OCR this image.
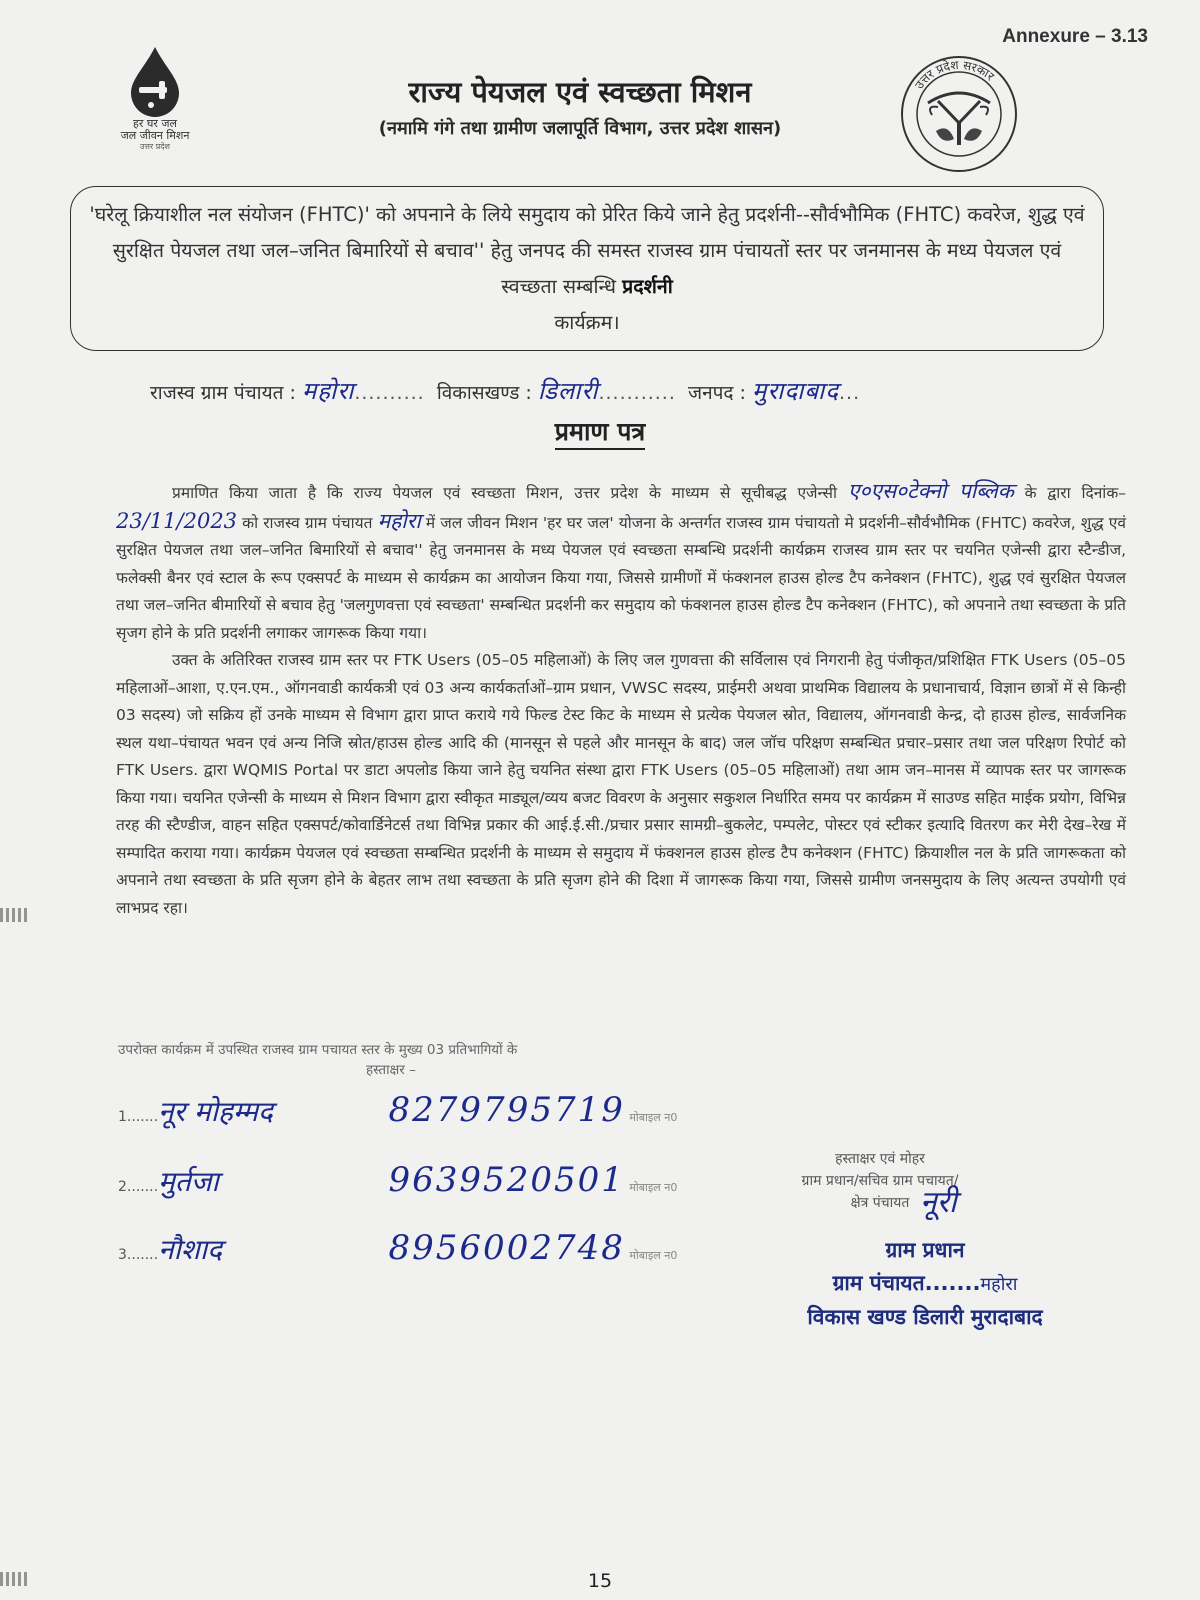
Annexure – 3.13
हर घर जल
जल जीवन मिशन
उत्तर प्रदेश
उत्तर प्रदेश सरकार
राज्य पेयजल एवं स्वच्छता मिशन
(नमामि गंगे तथा ग्रामीण जलापूर्ति विभाग, उत्तर प्रदेश शासन)
'घरेलू क्रियाशील नल संयोजन (FHTC)' को अपनाने के लिये समुदाय को प्रेरित किये जाने हेतु प्रदर्शनी--सौर्वभौमिक (FHTC) कवरेज, शुद्ध एवं सुरक्षित पेयजल तथा जल–जनित बिमारियों से बचाव'' हेतु जनपद की समस्त राजस्व ग्राम पंचायतों स्तर पर जनमानस के मध्य पेयजल एवं स्वच्छता सम्बन्धि प्रदर्शनी
कार्यक्रम।
राजस्व ग्राम पंचायत : महोरा.......... विकासखण्ड : डिलारी........... जनपद : मुरादाबाद...
प्रमाण पत्र

प्रमाणित किया जाता है कि राज्य पेयजल एवं स्वच्छता मिशन, उत्तर प्रदेश के माध्यम से सूचीबद्ध एजेन्सी ए०एस०टेक्नो पब्लिक के द्वारा दिनांक– 23/11/2023 को राजस्व ग्राम पंचायत महोरा में जल जीवन मिशन 'हर घर जल' योजना के अन्तर्गत राजस्व ग्राम पंचायतो मे प्रदर्शनी–सौर्वभौमिक (FHTC) कवरेज, शुद्ध एवं सुरक्षित पेयजल तथा जल–जनित बिमारियों से बचाव'' हेतु जनमानस के मध्य पेयजल एवं स्वच्छता सम्बन्धि प्रदर्शनी कार्यक्रम राजस्व ग्राम स्तर पर चयनित एजेन्सी द्वारा स्टैन्डीज, फलेक्सी बैनर एवं स्टाल के रूप एक्सपर्ट के माध्यम से कार्यक्रम का आयोजन किया गया, जिससे ग्रामीणों में फंक्शनल हाउस होल्ड टैप कनेक्शन (FHTC), शुद्ध एवं सुरक्षित पेयजल तथा जल–जनित बीमारियों से बचाव हेतु 'जलगुणवत्ता एवं स्वच्छता' सम्बन्धित प्रदर्शनी कर समुदाय को फंक्शनल हाउस होल्ड टैप कनेक्शन (FHTC), को अपनाने तथा स्वच्छता के प्रति सृजग होने के प्रति प्रदर्शनी लगाकर जागरूक किया गया।

उक्त के अतिरिक्त राजस्व ग्राम स्तर पर FTK Users (05–05 महिलाओं) के लिए जल गुणवत्ता की सर्विलास एवं निगरानी हेतु पंजीकृत/प्रशिक्षित FTK Users (05–05 महिलाओं–आशा, ए.एन.एम., ऑगनवाडी कार्यकत्री एवं 03 अन्य कार्यकर्ताओं–ग्राम प्रधान, VWSC सदस्य, प्राईमरी अथवा प्राथमिक विद्यालय के प्रधानाचार्य, विज्ञान छात्रों में से किन्ही 03 सदस्य) जो सक्रिय हों उनके माध्यम से विभाग द्वारा प्राप्त कराये गये फिल्ड टेस्ट किट के माध्यम से प्रत्येक पेयजल स्रोत, विद्यालय, ऑगनवाडी केन्द्र, दो हाउस होल्ड, सार्वजनिक स्थल यथा–पंचायत भवन एवं अन्य निजि स्रोत/हाउस होल्ड आदि की (मानसून से पहले और मानसून के बाद) जल जॉच परिक्षण सम्बन्धित प्रचार–प्रसार तथा जल परिक्षण रिपोर्ट को FTK Users. द्वारा WQMIS Portal पर डाटा अपलोड किया जाने हेतु चयनित संस्था द्वारा FTK Users (05–05 महिलाओं) तथा आम जन–मानस में व्यापक स्तर पर जागरूक किया गया। चयनित एजेन्सी के माध्यम से मिशन विभाग द्वारा स्वीकृत माड्यूल/व्यय बजट विवरण के अनुसार सकुशल निर्धारित समय पर कार्यक्रम में साउण्ड सहित माईक प्रयोग, विभिन्न तरह की स्टैण्डीज, वाहन सहित एक्सपर्ट/कोवार्डिनेटर्स तथा विभिन्न प्रकार की आई.ई.सी./प्रचार प्रसार सामग्री–बुकलेट, पम्पलेट, पोस्टर एवं स्टीकर इत्यादि वितरण कर मेरी देख–रेख में सम्पादित कराया गया। कार्यक्रम पेयजल एवं स्वच्छता सम्बन्धित प्रदर्शनी के माध्यम से समुदाय में फंक्शनल हाउस होल्ड टैप कनेक्शन (FHTC) क्रियाशील नल के प्रति जागरूकता को अपनाने तथा स्वच्छता के प्रति सृजग होने के बेहतर लाभ तथा स्वच्छता के प्रति सृजग होने की दिशा में जागरूक किया गया, जिससे ग्रामीण जनसमुदाय के लिए अत्यन्त उपयोगी एवं लाभप्रद रहा।

उपरोक्त कार्यक्रम में उपस्थित राजस्व ग्राम पचायत स्तर के मुख्य 03 प्रतिभागियों के
हस्ताक्षर –
1.......नूर मोहम्मद	8279795719 मोबाइल न0
2.......मुर्तजा	9639520501 मोबाइल न0
3.......नौशाद	8956002748 मोबाइल न0
हस्ताक्षर एवं मोहर
ग्राम प्रधान/सचिव ग्राम पचायत/
क्षेत्र पंचायत नूरी
ग्राम प्रधान
ग्राम पंचायत.......महोरा
विकास खण्ड डिलारी मुरादाबाद
15
